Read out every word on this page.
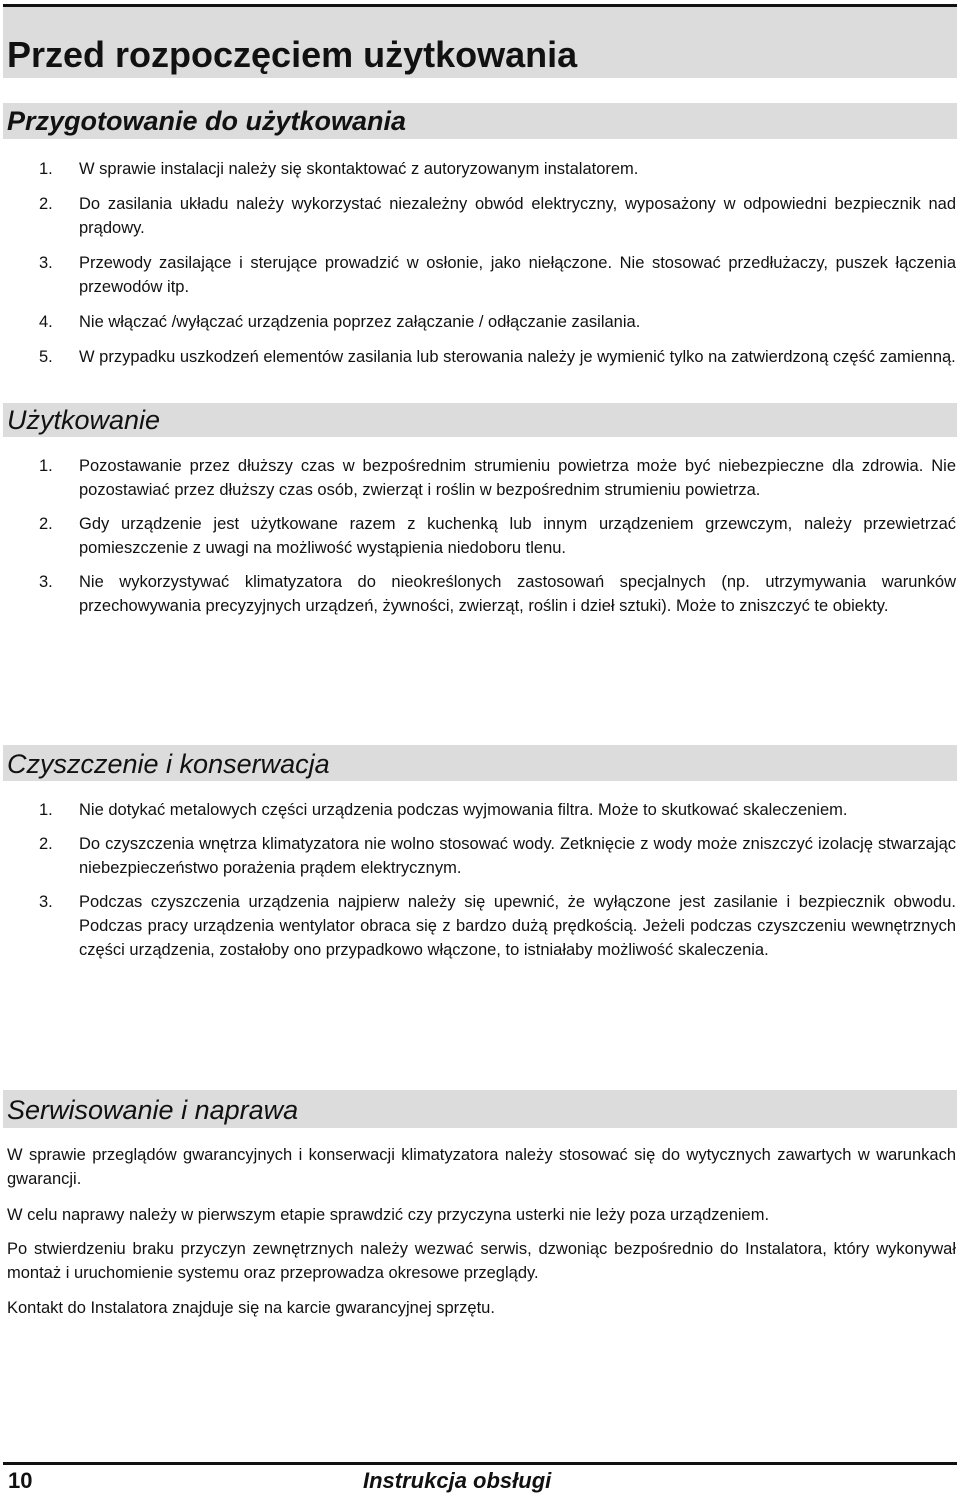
Przed rozpoczęciem użytkowania
Przygotowanie do użytkowania
1. W sprawie instalacji należy się skontaktować z autoryzowanym instalatorem.
2. Do zasilania układu należy wykorzystać niezależny obwód elektryczny, wyposażony w odpowiedni bezpiecznik nad prądowy.
3. Przewody zasilające i sterujące prowadzić w osłonie, jako niełączone. Nie stosować przedłużaczy, puszek łączenia przewodów itp.
4. Nie włączać /wyłączać urządzenia poprzez załączanie / odłączanie zasilania.
5. W przypadku uszkodzeń elementów zasilania lub sterowania należy je wymienić tylko na zatwierdzoną część zamienną.
Użytkowanie
1. Pozostawanie przez dłuższy czas w bezpośrednim strumieniu powietrza może być niebezpieczne dla zdrowia. Nie pozostawiać przez dłuższy czas osób, zwierząt i roślin w bezpośrednim strumieniu powietrza.
2. Gdy urządzenie jest użytkowane razem z kuchenką lub innym urządzeniem grzewczym, należy przewietrzać pomieszczenie z uwagi na możliwość wystąpienia niedoboru tlenu.
3. Nie wykorzystywać klimatyzatora do nieokreślonych zastosowań specjalnych (np. utrzymywania warunków przechowywania precyzyjnych urządzeń, żywności, zwierząt, roślin i dzieł sztuki). Może to zniszczyć te obiekty.
Czyszczenie i konserwacja
1. Nie dotykać metalowych części urządzenia podczas wyjmowania filtra. Może to skutkować skaleczeniem.
2. Do czyszczenia wnętrza klimatyzatora nie wolno stosować wody. Zetknięcie z wody może zniszczyć izolację stwarzając niebezpieczeństwo porażenia prądem elektrycznym.
3. Podczas czyszczenia urządzenia najpierw należy się upewnić, że wyłączone jest zasilanie i bezpiecznik obwodu. Podczas pracy urządzenia wentylator obraca się z bardzo dużą prędkością. Jeżeli podczas czyszczeniu wewnętrznych części urządzenia, zostałoby ono przypadkowo włączone, to istniałaby możliwość skaleczenia.
Serwisowanie i naprawa

W sprawie przeglądów gwarancyjnych i konserwacji klimatyzatora należy stosować się do wytycznych zawartych w warunkach gwarancji.

W celu naprawy należy w pierwszym etapie sprawdzić czy przyczyna usterki nie leży poza urządzeniem.

Po stwierdzeniu braku przyczyn zewnętrznych należy wezwać serwis, dzwoniąc bezpośrednio do Instalatora, który wykonywał montaż i uruchomienie systemu oraz przeprowadza okresowe przeglądy.

Kontakt do Instalatora znajduje się na karcie gwarancyjnej sprzętu.

10	Instrukcja obsługi
